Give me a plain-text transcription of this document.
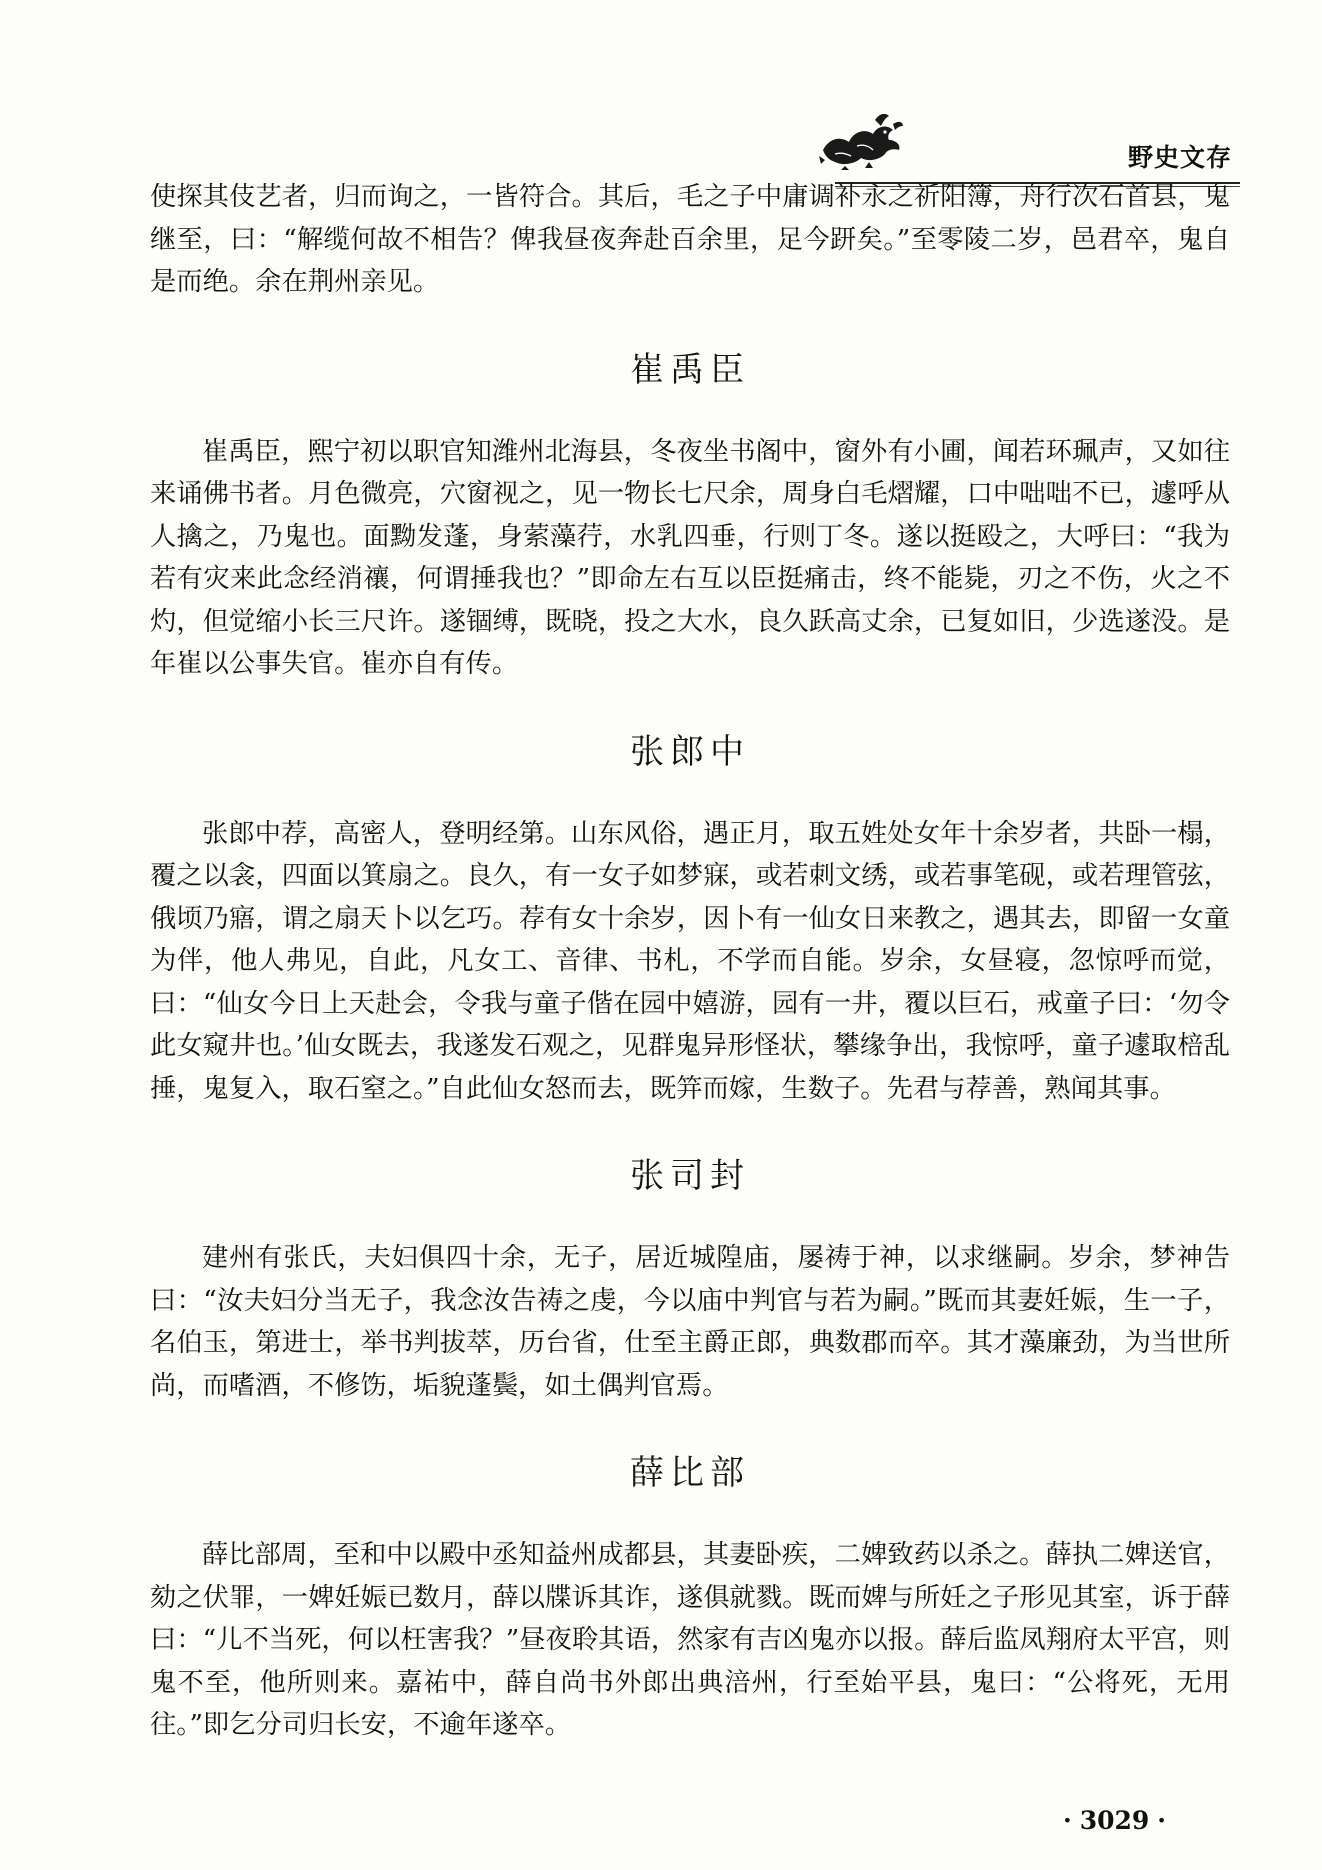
野史文存

使探其伎艺者，归而询之，一皆符合。其后，毛之子中庸调补永之祈阳簿，舟行次石首县，鬼继至，曰：“解缆何故不相告？俾我昼夜奔赴百余里，足今趼矣。”至零陵二岁，邑君卒，鬼自是而绝。余在荆州亲见。

崔禹臣

崔禹臣，熙宁初以职官知潍州北海县，冬夜坐书阁中，窗外有小圃，闻若环珮声，又如往来诵佛书者。月色微亮，穴窗视之，见一物长七尺余，周身白毛熠耀，口中咄咄不已，遽呼从人擒之，乃鬼也。面黝发蓬，身萦藻荇，水乳四垂，行则丁冬。遂以挺殴之，大呼曰：“我为若有灾来此念经消禳，何谓捶我也？”即命左右互以臣挺痛击，终不能毙，刃之不伤，火之不灼，但觉缩小长三尺许。遂锢缚，既晓，投之大水，良久跃高丈余，已复如旧，少选遂没。是年崔以公事失官。崔亦自有传。

张郎中

张郎中荐，高密人，登明经第。山东风俗，遇正月，取五姓处女年十余岁者，共卧一榻，覆之以衾，四面以箕扇之。良久，有一女子如梦寐，或若刺文绣，或若事笔砚，或若理管弦，俄顷乃寤，谓之扇天卜以乞巧。荐有女十余岁，因卜有一仙女日来教之，遇其去，即留一女童为伴，他人弗见，自此，凡女工、音律、书札，不学而自能。岁余，女昼寝，忽惊呼而觉，曰：“仙女今日上天赴会，令我与童子偕在园中嬉游，园有一井，覆以巨石，戒童子曰：‘勿令此女窥井也。’仙女既去，我遂发石观之，见群鬼异形怪状，攀缘争出，我惊呼，童子遽取棓乱捶，鬼复入，取石窒之。”自此仙女怒而去，既笄而嫁，生数子。先君与荐善，熟闻其事。

张司封

建州有张氏，夫妇俱四十余，无子，居近城隍庙，屡祷于神，以求继嗣。岁余，梦神告曰：“汝夫妇分当无子，我念汝告祷之虔，今以庙中判官与若为嗣。”既而其妻妊娠，生一子，名伯玉，第进士，举书判拔萃，历台省，仕至主爵正郎，典数郡而卒。其才藻廉劲，为当世所尚，而嗜酒，不修饬，垢貌蓬鬓，如土偶判官焉。

薛比部

薛比部周，至和中以殿中丞知益州成都县，其妻卧疾，二婢致药以杀之。薛执二婢送官，劾之伏罪，一婢妊娠已数月，薛以牒诉其诈，遂俱就戮。既而婢与所妊之子形见其室，诉于薛曰：“儿不当死，何以枉害我？”昼夜聆其语，然家有吉凶鬼亦以报。薛后监凤翔府太平宫，则鬼不至，他所则来。嘉祐中，薛自尚书外郎出典涪州，行至始平县，鬼曰：“公将死，无用往。”即乞分司归长安，不逾年遂卒。

· 3029 ·
